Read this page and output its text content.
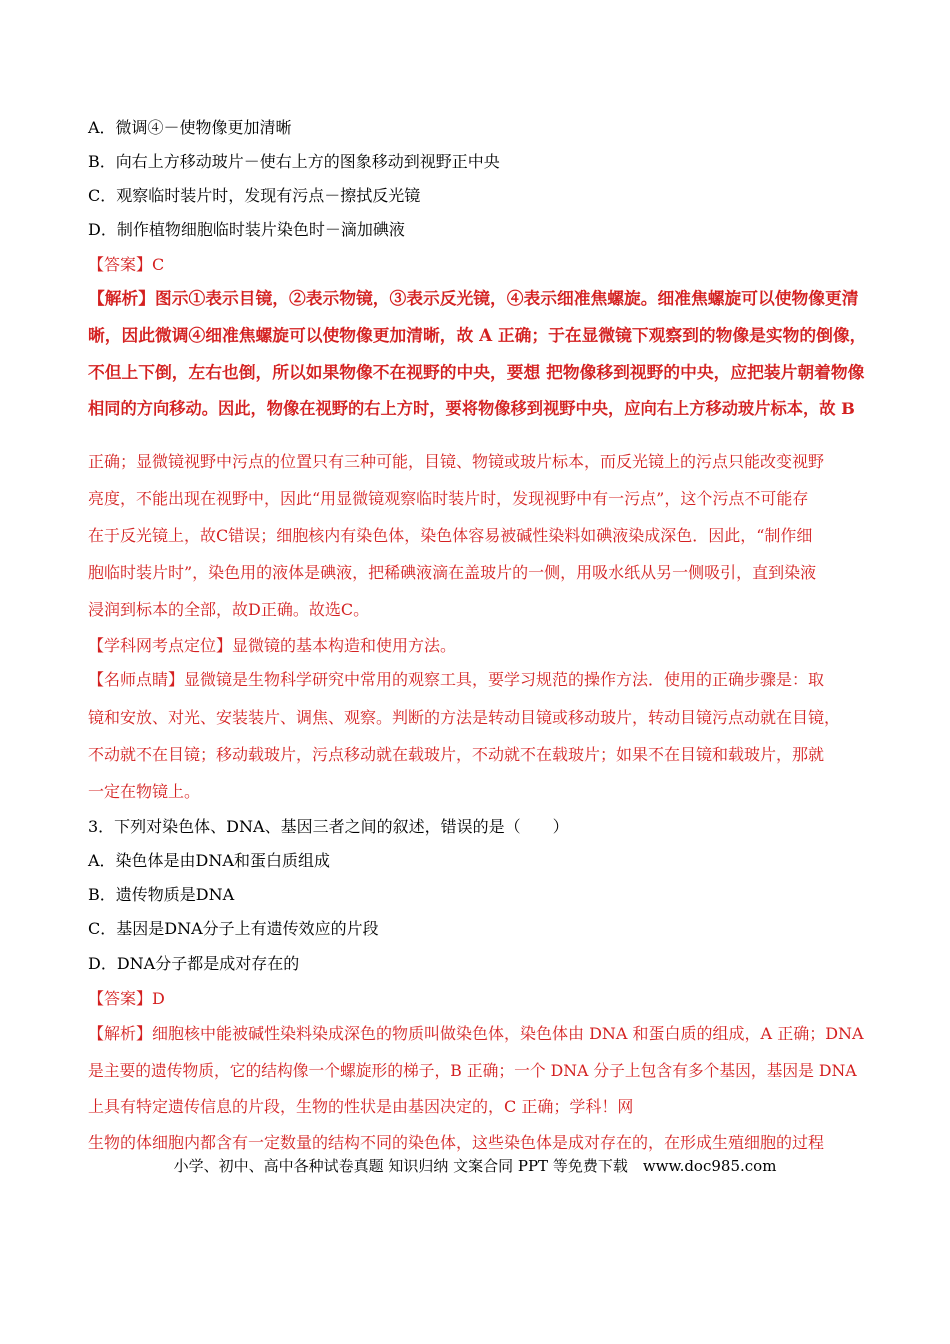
A．微调④－使物像更加清晰
B．向右上方移动玻片－使右上方的图象移动到视野正中央
C．观察临时装片时，发现有污点－擦拭反光镜
D．制作植物细胞临时装片染色时－滴加碘液
【答案】C
【解析】图示①表示目镜，②表示物镜，③表示反光镜，④表示细准焦螺旋。细准焦螺旋可以使物像更清
晰，因此微调④细准焦螺旋可以使物像更加清晰，故 A 正确；于在显微镜下观察到的物像是实物的倒像，
不但上下倒，左右也倒，所以如果物像不在视野的中央，要想 把物像移到视野的中央，应把装片朝着物像
相同的方向移动。因此，物像在视野的右上方时，要将物像移到视野中央，应向右上方移动玻片标本，故 B
正确；显微镜视野中污点的位置只有三种可能，目镜、物镜或玻片标本，而反光镜上的污点只能改变视野
亮度，不能出现在视野中，因此“用显微镜观察临时装片时，发现视野中有一污点”，这个污点不可能存
在于反光镜上，故C错误；细胞核内有染色体，染色体容易被碱性染料如碘液染成深色．因此，“制作细
胞临时装片时”，染色用的液体是碘液，把稀碘液滴在盖玻片的一侧，用吸水纸从另一侧吸引，直到染液
浸润到标本的全部，故D正确。故选C。
【学科网考点定位】显微镜的基本构造和使用方法。
【名师点睛】显微镜是生物科学研究中常用的观察工具，要学习规范的操作方法．使用的正确步骤是：取
镜和安放、对光、安装装片、调焦、观察。判断的方法是转动目镜或移动玻片，转动目镜污点动就在目镜，
不动就不在目镜；移动载玻片，污点移动就在载玻片，不动就不在载玻片；如果不在目镜和载玻片，那就
一定在物镜上。
3．下列对染色体、DNA、基因三者之间的叙述，错误的是（　　）
A．染色体是由DNA和蛋白质组成
B．遗传物质是DNA
C．基因是DNA分子上有遗传效应的片段
D．DNA分子都是成对存在的
【答案】D
【解析】细胞核中能被碱性染料染成深色的物质叫做染色体，染色体由 DNA 和蛋白质的组成，A 正确；DNA
是主要的遗传物质，它的结构像一个螺旋形的梯子，B 正确；一个 DNA 分子上包含有多个基因，基因是 DNA
上具有特定遗传信息的片段，生物的性状是由基因决定的，C 正确；学科！网
生物的体细胞内都含有一定数量的结构不同的染色体，这些染色体是成对存在的，在形成生殖细胞的过程
小学、初中、高中各种试卷真题 知识归纳 文案合同 PPT 等免费下载　www.doc985.com
